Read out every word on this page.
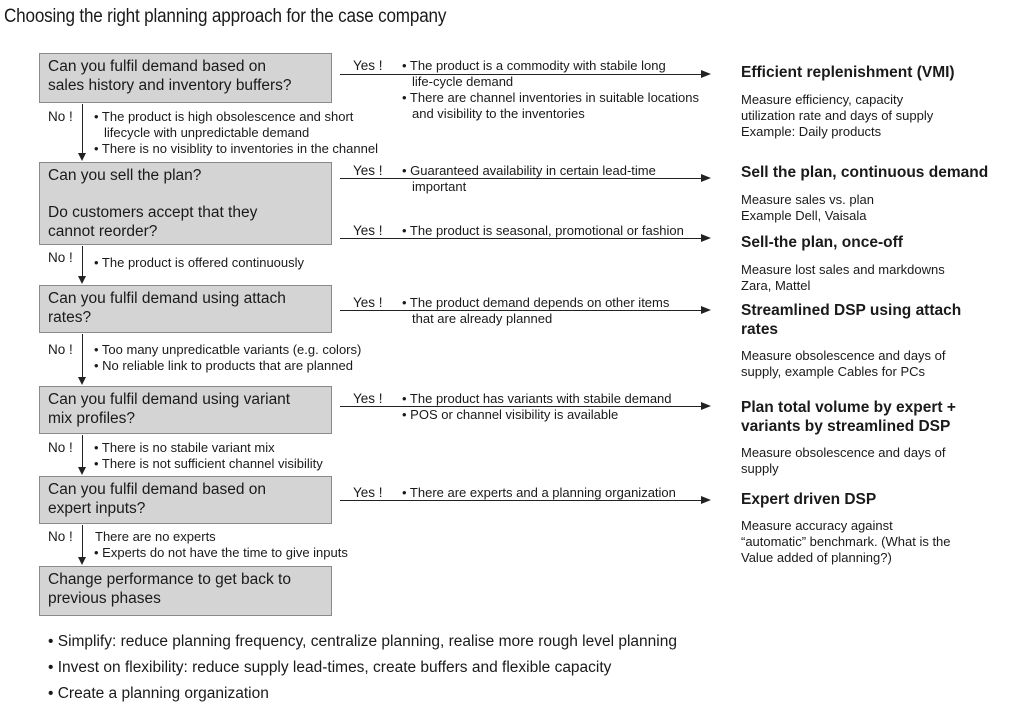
Choosing the right planning approach for the case company
Can you fulfil demand based on
sales history and inventory buffers?
Can you sell the plan?
Do customers accept that they
cannot reorder?
Can you fulfil demand using attach
rates?
Can you fulfil demand using variant
mix profiles?
Can you fulfil demand based on
expert inputs?
Change performance to get back to
previous phases
No !
No !
No !
No !
No !
• The product is high obsolescence and short
lifecycle with unpredictable demand
• There is no visiblity to inventories in the channel
• The product is offered continuously
• Too many unpredicatble variants (e.g. colors)
• No reliable link to products that are planned
• There is no stabile variant mix
• There is not sufficient channel visibility
There are no experts
• Experts do not have the time to give inputs
Yes !
Yes !
Yes !
Yes !
Yes !
Yes !
• The product is a commodity with stabile long
life-cycle demand
• There are channel inventories in suitable locations
and visibility to the inventories
• Guaranteed availability in certain lead-time
important
• The product is seasonal, promotional or fashion
• The product demand depends on other items
that are already planned
• The product has variants with stabile demand
• POS or channel visibility is available
• There are experts and a planning organization
Efficient replenishment (VMI)
Measure efficiency, capacity
utilization rate and days of supply
Example: Daily products
Sell the plan, continuous demand
Measure sales vs. plan
Example Dell, Vaisala
Sell-the plan, once-off
Measure lost sales and markdowns
Zara, Mattel
Streamlined DSP using attach
rates
Measure obsolescence and days of
supply, example Cables for PCs
Plan total volume by expert +
variants by streamlined DSP
Measure obsolescence and days of
supply
Expert driven DSP
Measure accuracy against
“automatic” benchmark. (What is the
Value added of planning?)
• Simplify: reduce planning frequency, centralize planning, realise more rough level planning
• Invest on flexibility: reduce supply lead-times, create buffers and flexible capacity
• Create a planning organization
